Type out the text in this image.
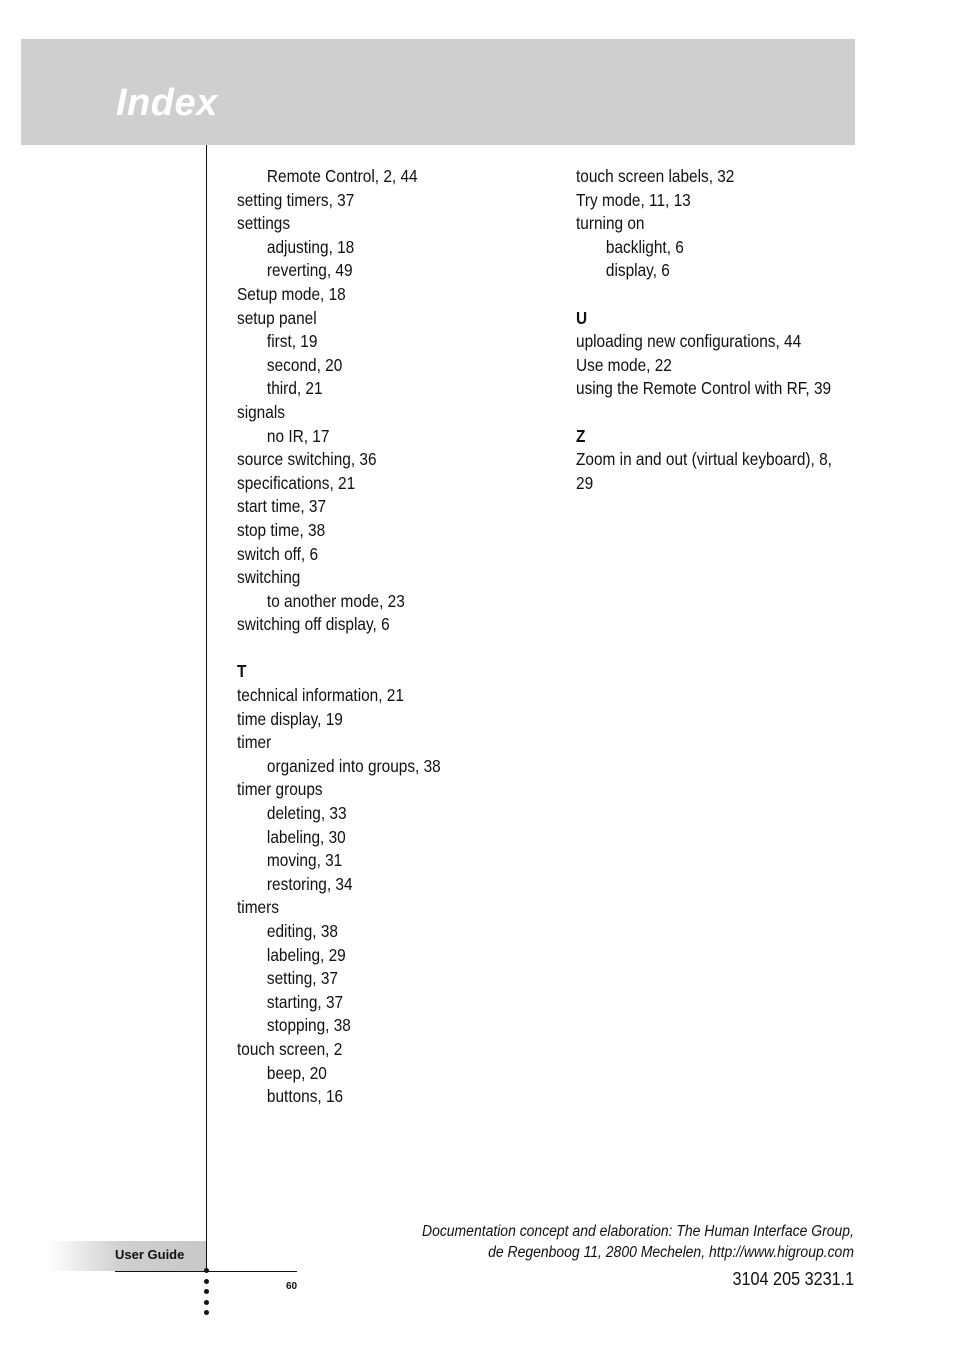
Index
Remote Control, 2, 44
setting timers, 37
settings
adjusting, 18
reverting, 49
Setup mode, 18
setup panel
first, 19
second, 20
third, 21
signals
no IR, 17
source switching, 36
specifications, 21
start time, 37
stop time, 38
switch off, 6
switching
to another mode, 23
switching off display, 6
T
technical information, 21
time display, 19
timer
organized into groups, 38
timer groups
deleting, 33
labeling, 30
moving, 31
restoring, 34
timers
editing, 38
labeling, 29
setting, 37
starting, 37
stopping, 38
touch screen, 2
beep, 20
buttons, 16
touch screen labels, 32
Try mode, 11, 13
turning on
backlight, 6
display, 6
U
uploading new configurations, 44
Use mode, 22
using the Remote Control with RF, 39
Z
Zoom in and out (virtual keyboard), 8,
29
Documentation concept and elaboration: The Human Interface Group,
de Regenboog 11, 2800 Mechelen, http://www.higroup.com
3104 205 3231.1
User Guide
60
